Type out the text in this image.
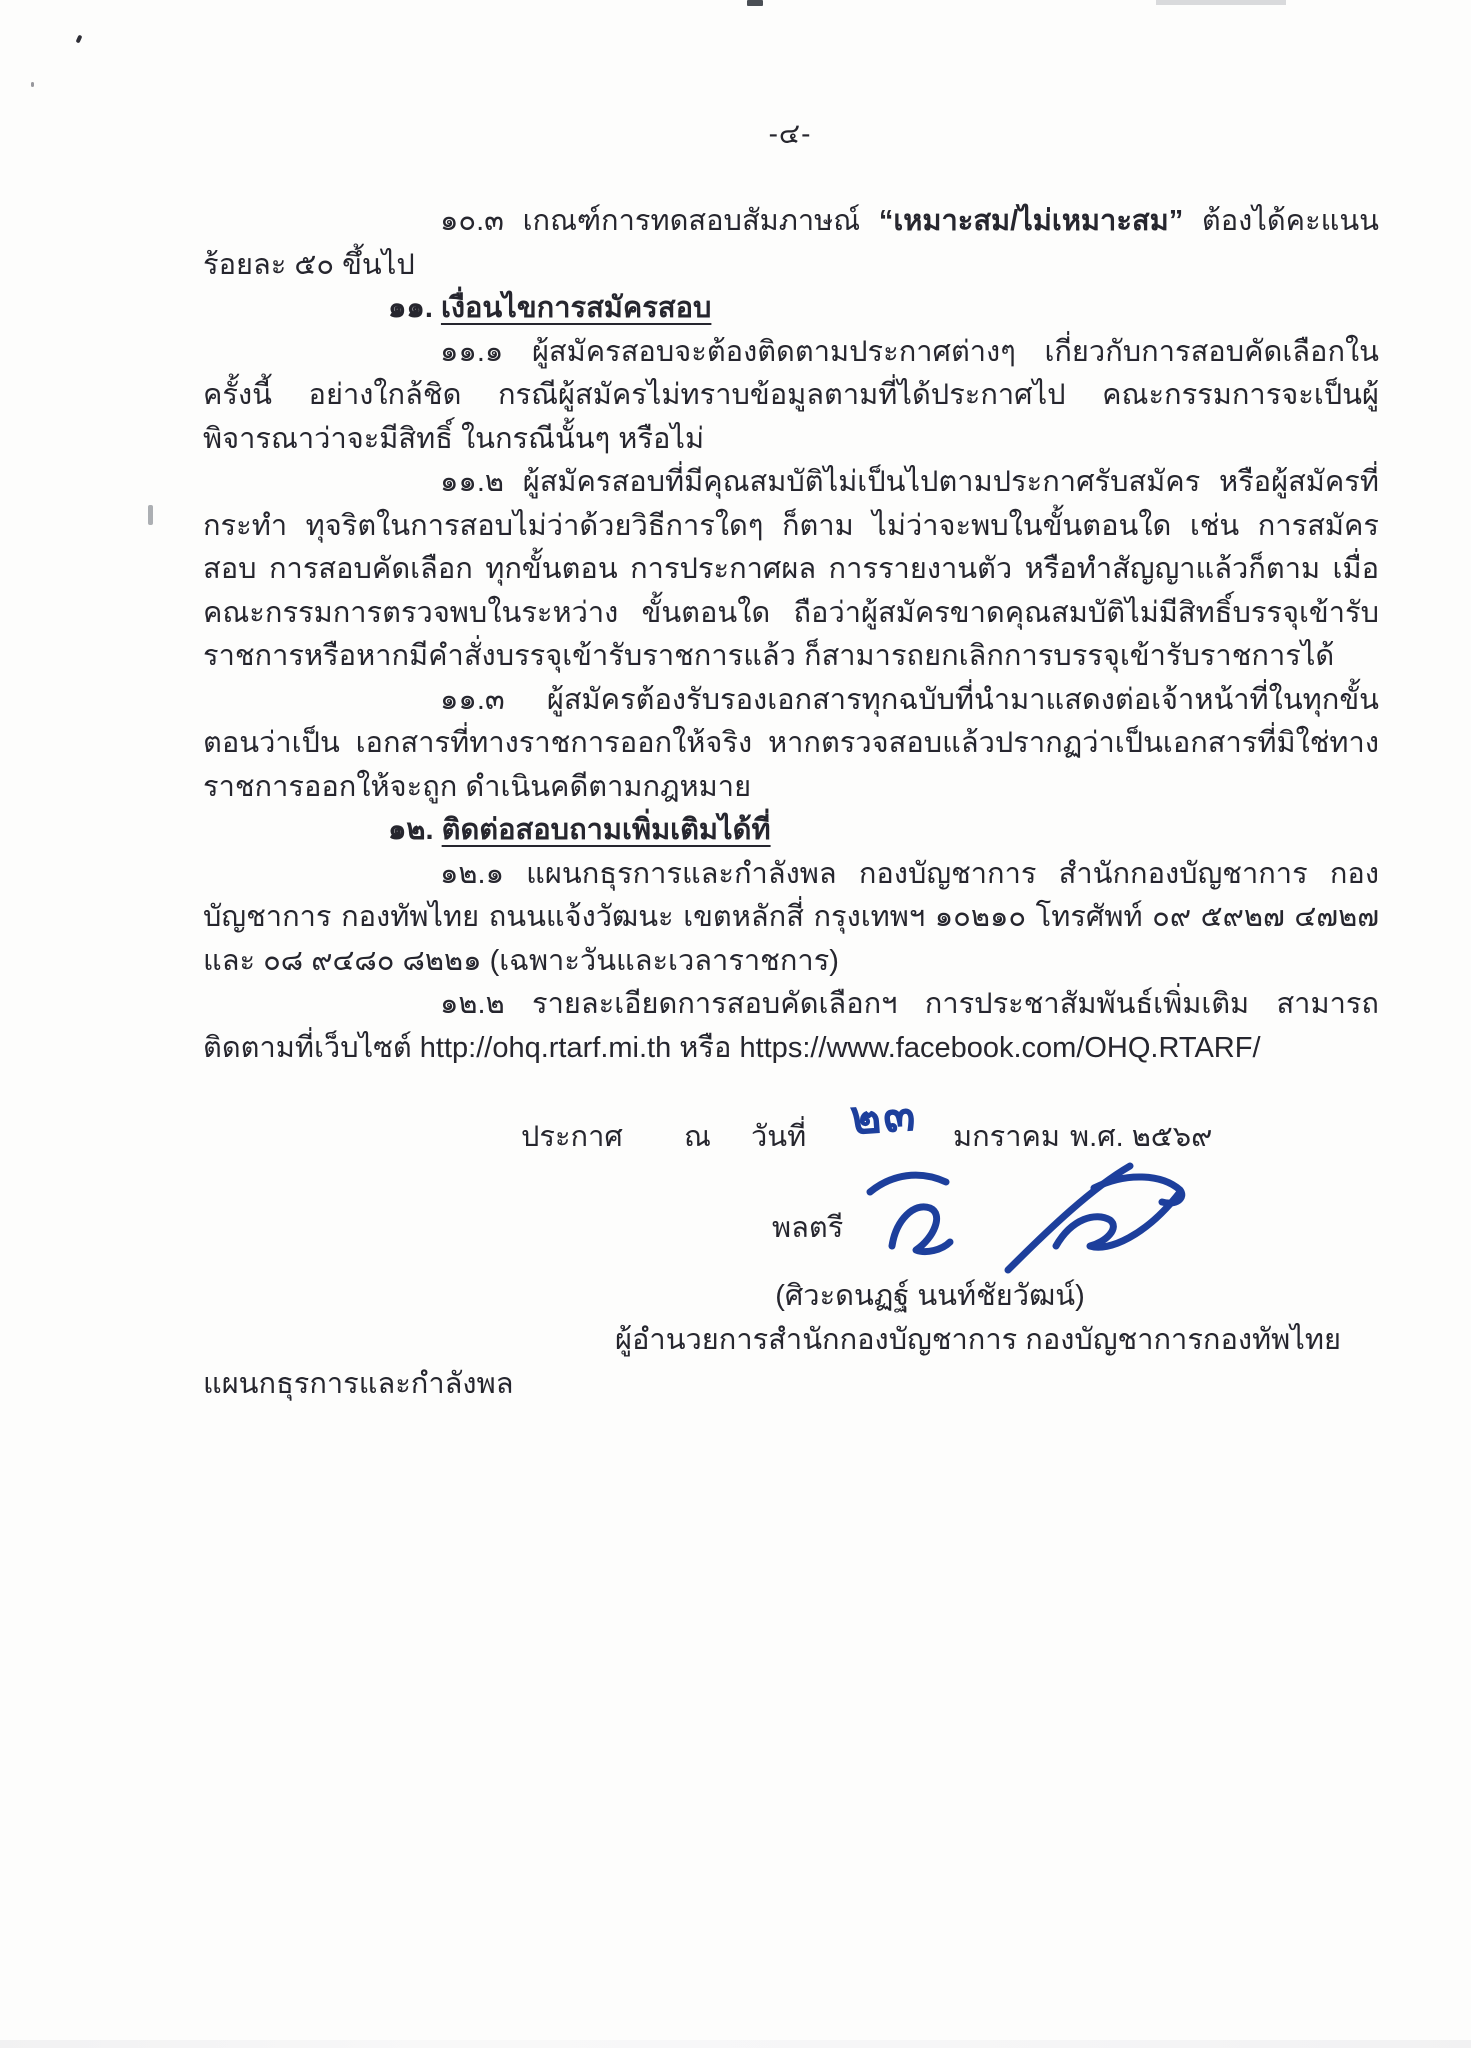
-๔-

๑๐.๓ เกณฑ์การทดสอบสัมภาษณ์ “เหมาะสม/ไม่เหมาะสม” ต้องได้คะแนน ร้อยละ ๕๐ ขึ้นไป

๑๑. เงื่อนไขการสมัครสอบ

๑๑.๑ ผู้สมัครสอบจะต้องติดตามประกาศต่างๆ เกี่ยวกับการสอบคัดเลือกในครั้งนี้ อย่างใกล้ชิด กรณีผู้สมัครไม่ทราบข้อมูลตามที่ได้ประกาศไป คณะกรรมการจะเป็นผู้พิจารณาว่าจะมีสิทธิ์ ในกรณีนั้นๆ หรือไม่

๑๑.๒ ผู้สมัครสอบที่มีคุณสมบัติไม่เป็นไปตามประกาศรับสมัคร หรือผู้สมัครที่กระทำ ทุจริตในการสอบไม่ว่าด้วยวิธีการใดๆ ก็ตาม ไม่ว่าจะพบในขั้นตอนใด เช่น การสมัครสอบ การสอบคัดเลือก ทุกขั้นตอน การประกาศผล การรายงานตัว หรือทำสัญญาแล้วก็ตาม เมื่อคณะกรรมการตรวจพบในระหว่าง ขั้นตอนใด ถือว่าผู้สมัครขาดคุณสมบัติไม่มีสิทธิ์บรรจุเข้ารับราชการหรือหากมีคำสั่งบรรจุเข้ารับราชการแล้ว ก็สามารถยกเลิกการบรรจุเข้ารับราชการได้

๑๑.๓ ผู้สมัครต้องรับรองเอกสารทุกฉบับที่นำมาแสดงต่อเจ้าหน้าที่ในทุกขั้นตอนว่าเป็น เอกสารที่ทางราชการออกให้จริง หากตรวจสอบแล้วปรากฏว่าเป็นเอกสารที่มิใช่ทางราชการออกให้จะถูก ดำเนินคดีตามกฎหมาย

๑๒. ติดต่อสอบถามเพิ่มเติมได้ที่

๑๒.๑ แผนกธุรการและกำลังพล กองบัญชาการ สำนักกองบัญชาการ กองบัญชาการ กองทัพไทย ถนนแจ้งวัฒนะ เขตหลักสี่ กรุงเทพฯ ๑๐๒๑๐ โทรศัพท์ ๐๙ ๕๙๒๗ ๔๗๒๗ และ ๐๘ ๙๔๘๐ ๘๒๒๑ (เฉพาะวันและเวลาราชการ)

๑๒.๒ รายละเอียดการสอบคัดเลือกฯ การประชาสัมพันธ์เพิ่มเติม สามารถติดตามที่เว็บไซต์ http://ohq.rtarf.mi.th หรือ https://www.facebook.com/OHQ.RTARF/

ประกาศ ณ วันที่ ๒๓ มกราคม พ.ศ. ๒๕๖๙
พลตรี
(ศิวะดนฏฐ์ นนท์ชัยวัฒน์)
ผู้อำนวยการสำนักกองบัญชาการ กองบัญชาการกองทัพไทย
แผนกธุรการและกำลังพล
